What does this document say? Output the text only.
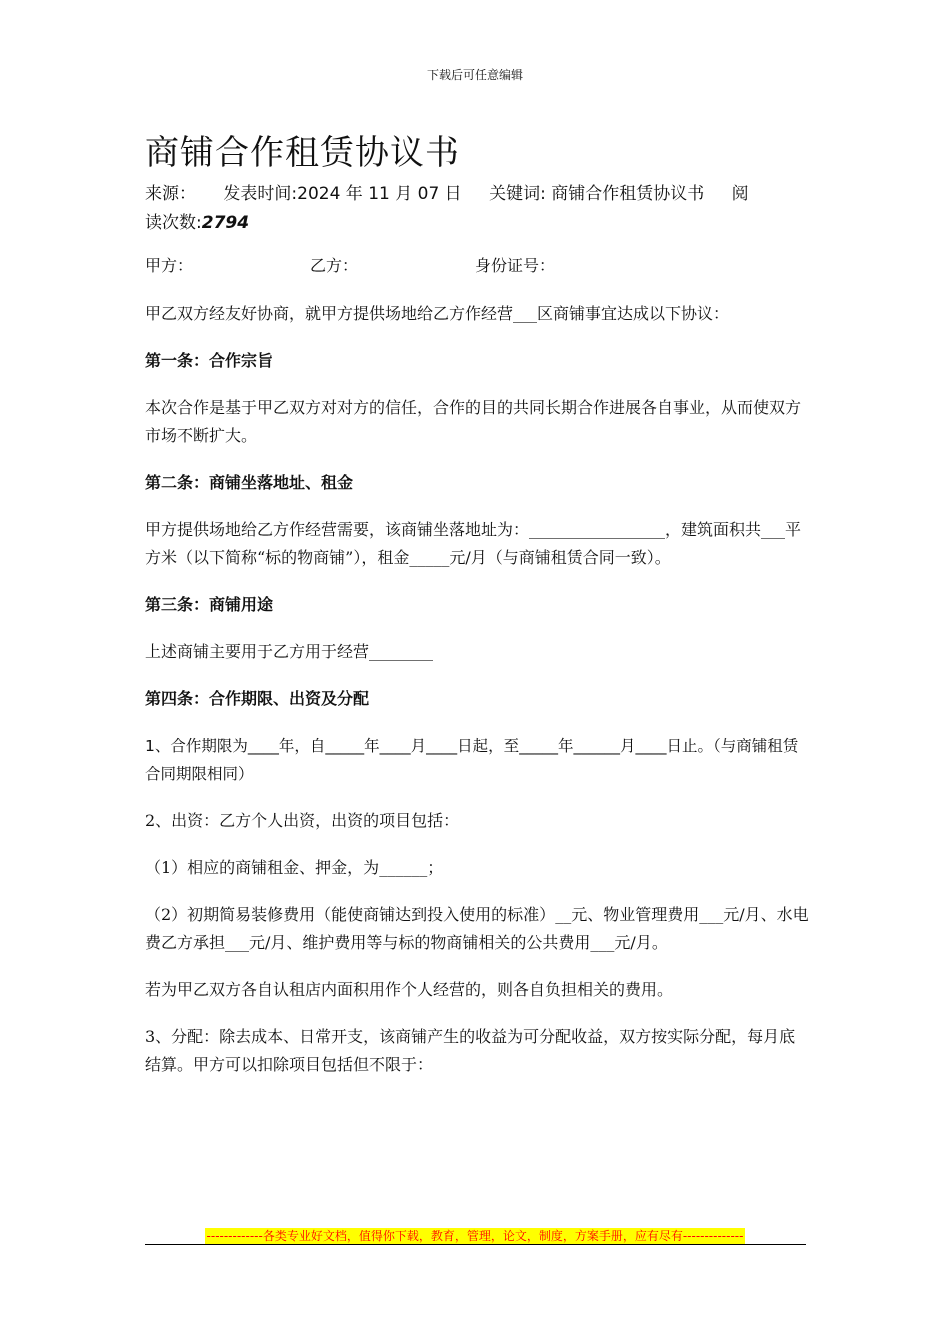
下载后可任意编辑
商铺合作租赁协议书
来源： 发表时间:2024 年 11 月 07 日 关键词: 商铺合作租赁协议书 阅
读次数:2794
甲方：	乙方：	身份证号：
甲乙双方经友好协商，就甲方提供场地给乙方作经营___区商铺事宜达成以下协议：
第一条：合作宗旨
本次合作是基于甲乙双方对对方的信任，合作的目的共同长期合作进展各自事业，从而使双方市场不断扩大。
第二条：商铺坐落地址、租金
甲方提供场地给乙方作经营需要，该商铺坐落地址为：_________________，建筑面积共___平方米（以下简称“标的物商铺”），租金_____元/月（与商铺租赁合同一致）。
第三条：商铺用途
上述商铺主要用于乙方用于经营________
第四条：合作期限、出资及分配
1、合作期限为____年，自_____年____月____日起，至_____年______月____日止。（与商铺租赁合同期限相同）
2、出资：乙方个人出资，出资的项目包括：
（1）相应的商铺租金、押金，为______；
（2）初期简易装修费用（能使商铺达到投入使用的标准）__元、物业管理费用___元/月、水电费乙方承担___元/月、维护费用等与标的物商铺相关的公共费用___元/月。
若为甲乙双方各自认租店内面积用作个人经营的，则各自负担相关的费用。
3、分配：除去成本、日常开支，该商铺产生的收益为可分配收益，双方按实际分配，每月底结算。甲方可以扣除项目包括但不限于：
-------------各类专业好文档，值得你下载，教育，管理，论文，制度，方案手册，应有尽有--------------
